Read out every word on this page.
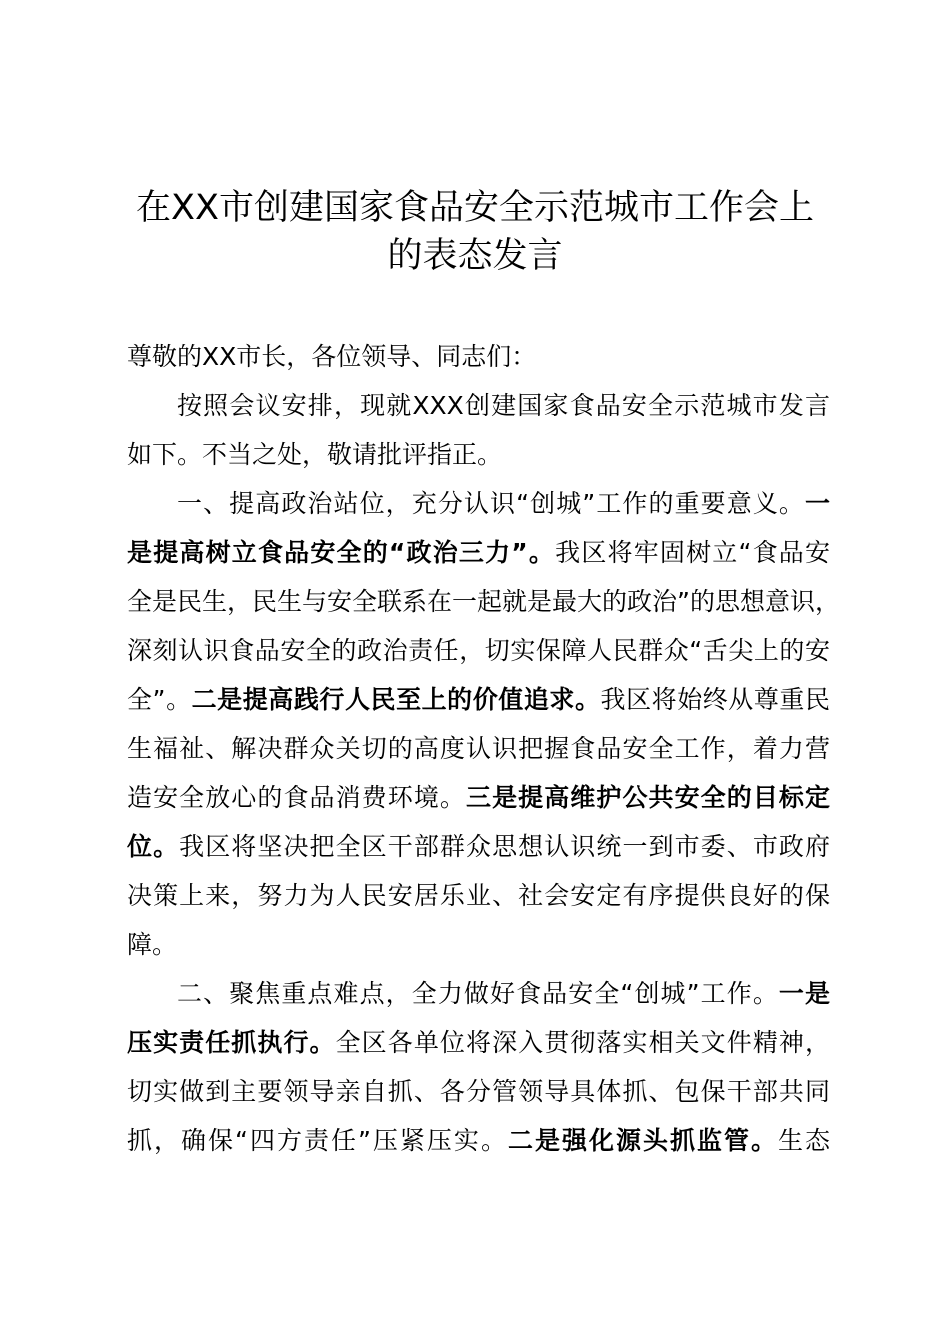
在XX市创建国家食品安全示范城市工作会上
的表态发言

尊敬的XX市长，各位领导、同志们：

按照会议安排，现就XXX创建国家食品安全示范城市发言

如下。不当之处，敬请批评指正。

一、提高政治站位，充分认识“创城”工作的重要意义。一

是提高树立食品安全的“政治三力”。我区将牢固树立“食品安

全是民生，民生与安全联系在一起就是最大的政治”的思想意识，

深刻认识食品安全的政治责任，切实保障人民群众“舌尖上的安

全”。二是提高践行人民至上的价值追求。我区将始终从尊重民

生福祉、解决群众关切的高度认识把握食品安全工作，着力营

造安全放心的食品消费环境。三是提高维护公共安全的目标定

位。我区将坚决把全区干部群众思想认识统一到市委、市政府

决策上来，努力为人民安居乐业、社会安定有序提供良好的保

障。

二、聚焦重点难点，全力做好食品安全“创城”工作。一是

压实责任抓执行。全区各单位将深入贯彻落实相关文件精神，

切实做到主要领导亲自抓、各分管领导具体抓、包保干部共同

抓，确保“四方责任”压紧压实。二是强化源头抓监管。生态
